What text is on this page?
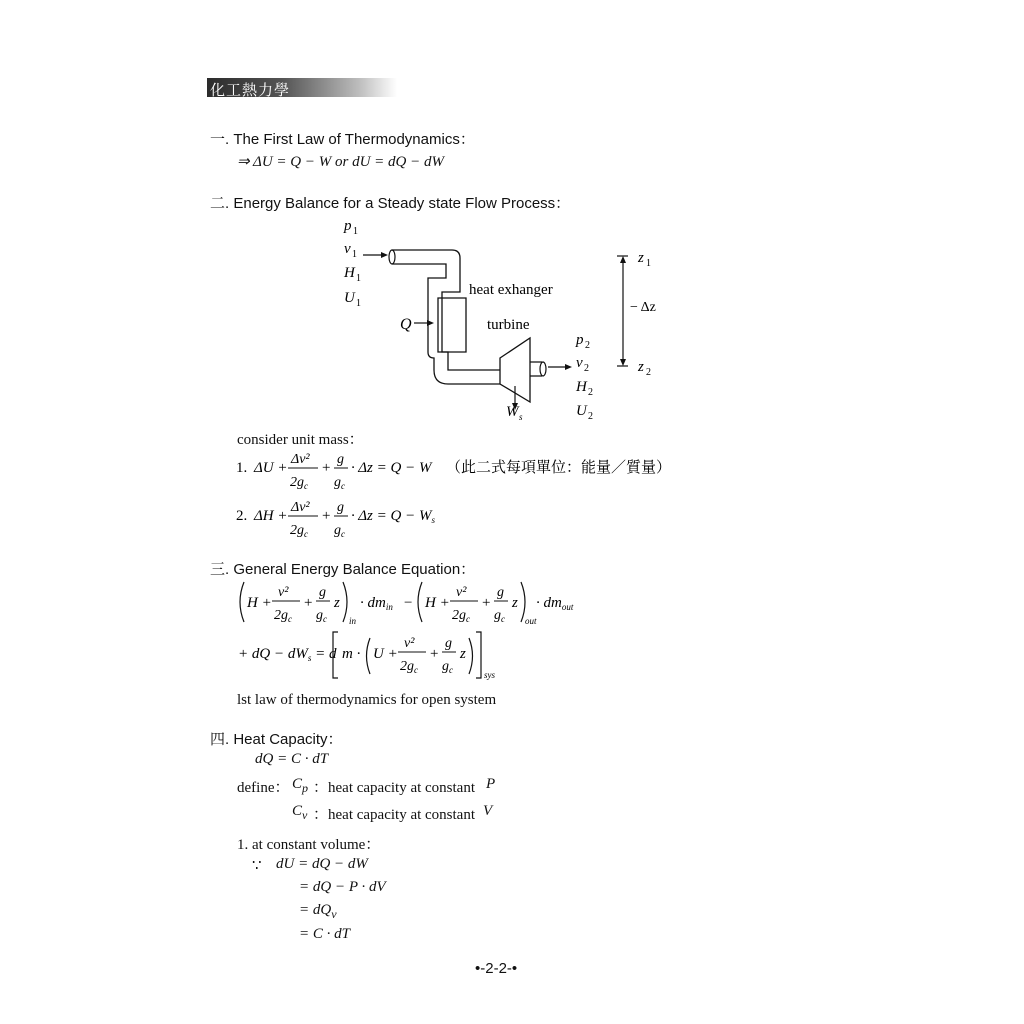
化工熱力學
一. The First Law of Thermodynamics：
⇒ ΔU = Q − W or dU = dQ − dW
二. Energy Balance for a Steady state Flow Process：
p 1
v 1
H 1
U 1
Q
W s
heat exhanger
turbine
p 2
v 2
H 2
U 2
z 1
− Δz
z 2
consider unit mass：
1. ΔU +
Δv²
$2g_c$
+
g
$g_c$
· Δz = Q − W （此二式每項單位：能量／質量）
2. ΔH +
Δv²
$2g_c$
+
g
$g_c$
· $\Delta z = Q - W_s$
三. General Energy Balance Equation：
H +
v²
$2g_c$
+
g
$g_c$
z
in
· $dm_{in} - H$ +
v²
$2g_c$
+
g
$g_c$
z
out
· $dm_{out}$
+ dQ − $dW_s = d$ m · U +
v²
$2g_c$
+
g
$g_c$
z
sys
lst law of thermodynamics for open system
四. Heat Capacity：
dQ = C · dT
define： $C_p$ ：heat capacity at constant P
$C_v$ ：heat capacity at constant V
1. at constant volume：
∵ dU = dQ − dW
= dQ − P · dV
= $dQ_v$
= C · dT
•-2-2-•
